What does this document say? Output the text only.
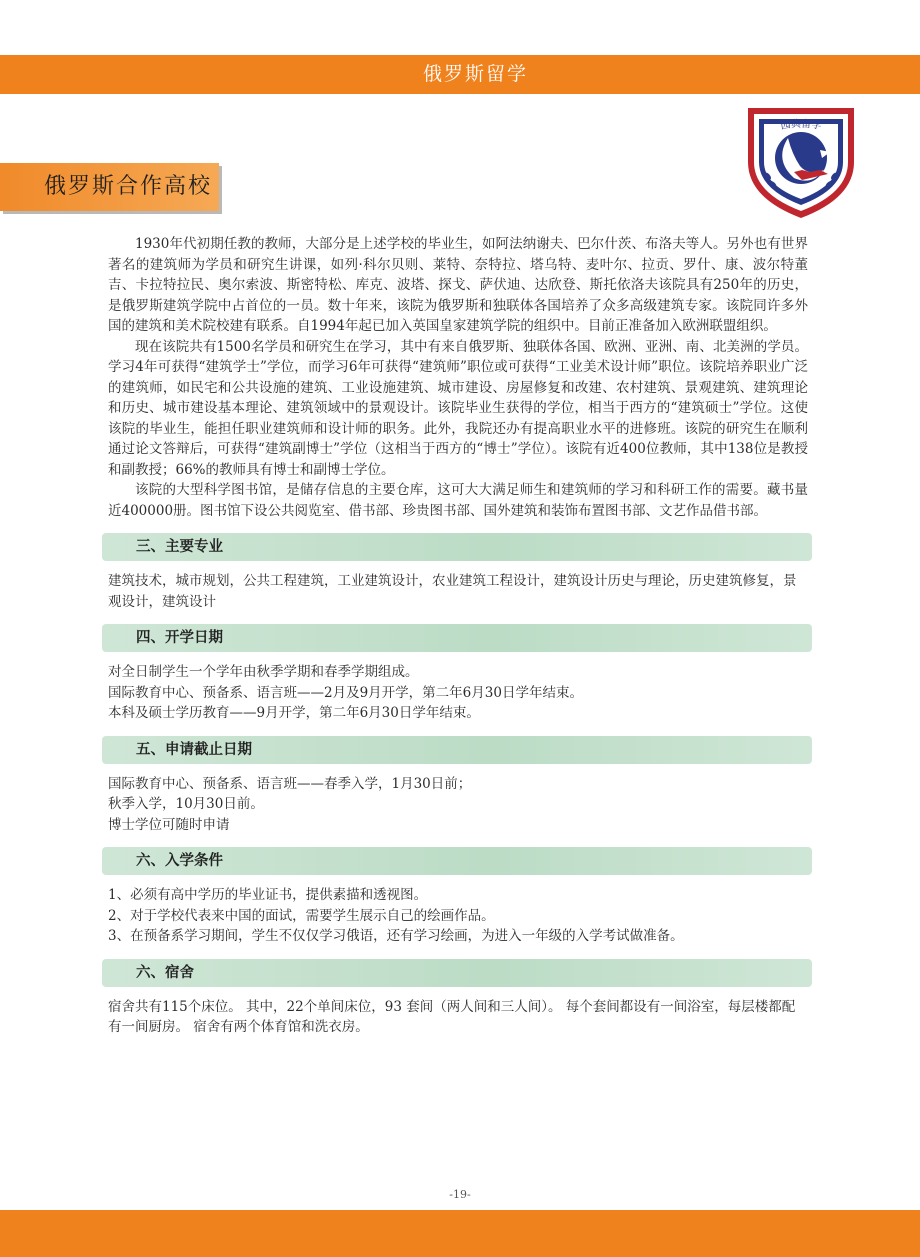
俄罗斯留学
园典留学
俄罗斯合作高校

1930年代初期任教的教师，大部分是上述学校的毕业生，如阿法纳谢夫、巴尔什茨、布洛夫等人。另外也有世界著名的建筑师为学员和研究生讲课，如列·科尔贝则、莱特、奈特拉、塔乌特、麦叶尔、拉贡、罗什、康、波尔特董吉、卡拉特拉民、奥尔索波、斯密特松、库克、波塔、探戈、萨伏迪、达欣登、斯托依洛夫该院具有250年的历史，是俄罗斯建筑学院中占首位的一员。数十年来，该院为俄罗斯和独联体各国培养了众多高级建筑专家。该院同许多外国的建筑和美术院校建有联系。自1994年起已加入英国皇家建筑学院的组织中。目前正准备加入欧洲联盟组织。

现在该院共有1500名学员和研究生在学习，其中有来自俄罗斯、独联体各国、欧洲、亚洲、南、北美洲的学员。学习4年可获得“建筑学士”学位，而学习6年可获得“建筑师”职位或可获得“工业美术设计师”职位。该院培养职业广泛的建筑师，如民宅和公共设施的建筑、工业设施建筑、城市建设、房屋修复和改建、农村建筑、景观建筑、建筑理论和历史、城市建设基本理论、建筑领域中的景观设计。该院毕业生获得的学位，相当于西方的“建筑硕士”学位。这使该院的毕业生，能担任职业建筑师和设计师的职务。此外，我院还办有提高职业水平的进修班。该院的研究生在顺利通过论文答辩后，可获得“建筑副博士”学位（这相当于西方的“博士”学位）。该院有近400位教师，其中138位是教授和副教授；66%的教师具有博士和副博士学位。

该院的大型科学图书馆，是储存信息的主要仓库，这可大大满足师生和建筑师的学习和科研工作的需要。藏书量近400000册。图书馆下设公共阅览室、借书部、珍贵图书部、国外建筑和装饰布置图书部、文艺作品借书部。

三、主要专业

建筑技术，城市规划，公共工程建筑，工业建筑设计，农业建筑工程设计，建筑设计历史与理论，历史建筑修复，景观设计，建筑设计

四、开学日期

对全日制学生一个学年由秋季学期和春季学期组成。

国际教育中心、预备系、语言班——2月及9月开学，第二年6月30日学年结束。

本科及硕士学历教育——9月开学，第二年6月30日学年结束。

五、申请截止日期

国际教育中心、预备系、语言班——春季入学，1月30日前；

秋季入学，10月30日前。

博士学位可随时申请

六、入学条件

1、必须有高中学历的毕业证书，提供素描和透视图。

2、对于学校代表来中国的面试，需要学生展示自己的绘画作品。

3、在预备系学习期间，学生不仅仅学习俄语，还有学习绘画，为进入一年级的入学考试做准备。

六、宿舍

宿舍共有115个床位。 其中，22个单间床位，93 套间（两人间和三人间）。 每个套间都设有一间浴室，每层楼都配有一间厨房。 宿舍有两个体育馆和洗衣房。

-19-
